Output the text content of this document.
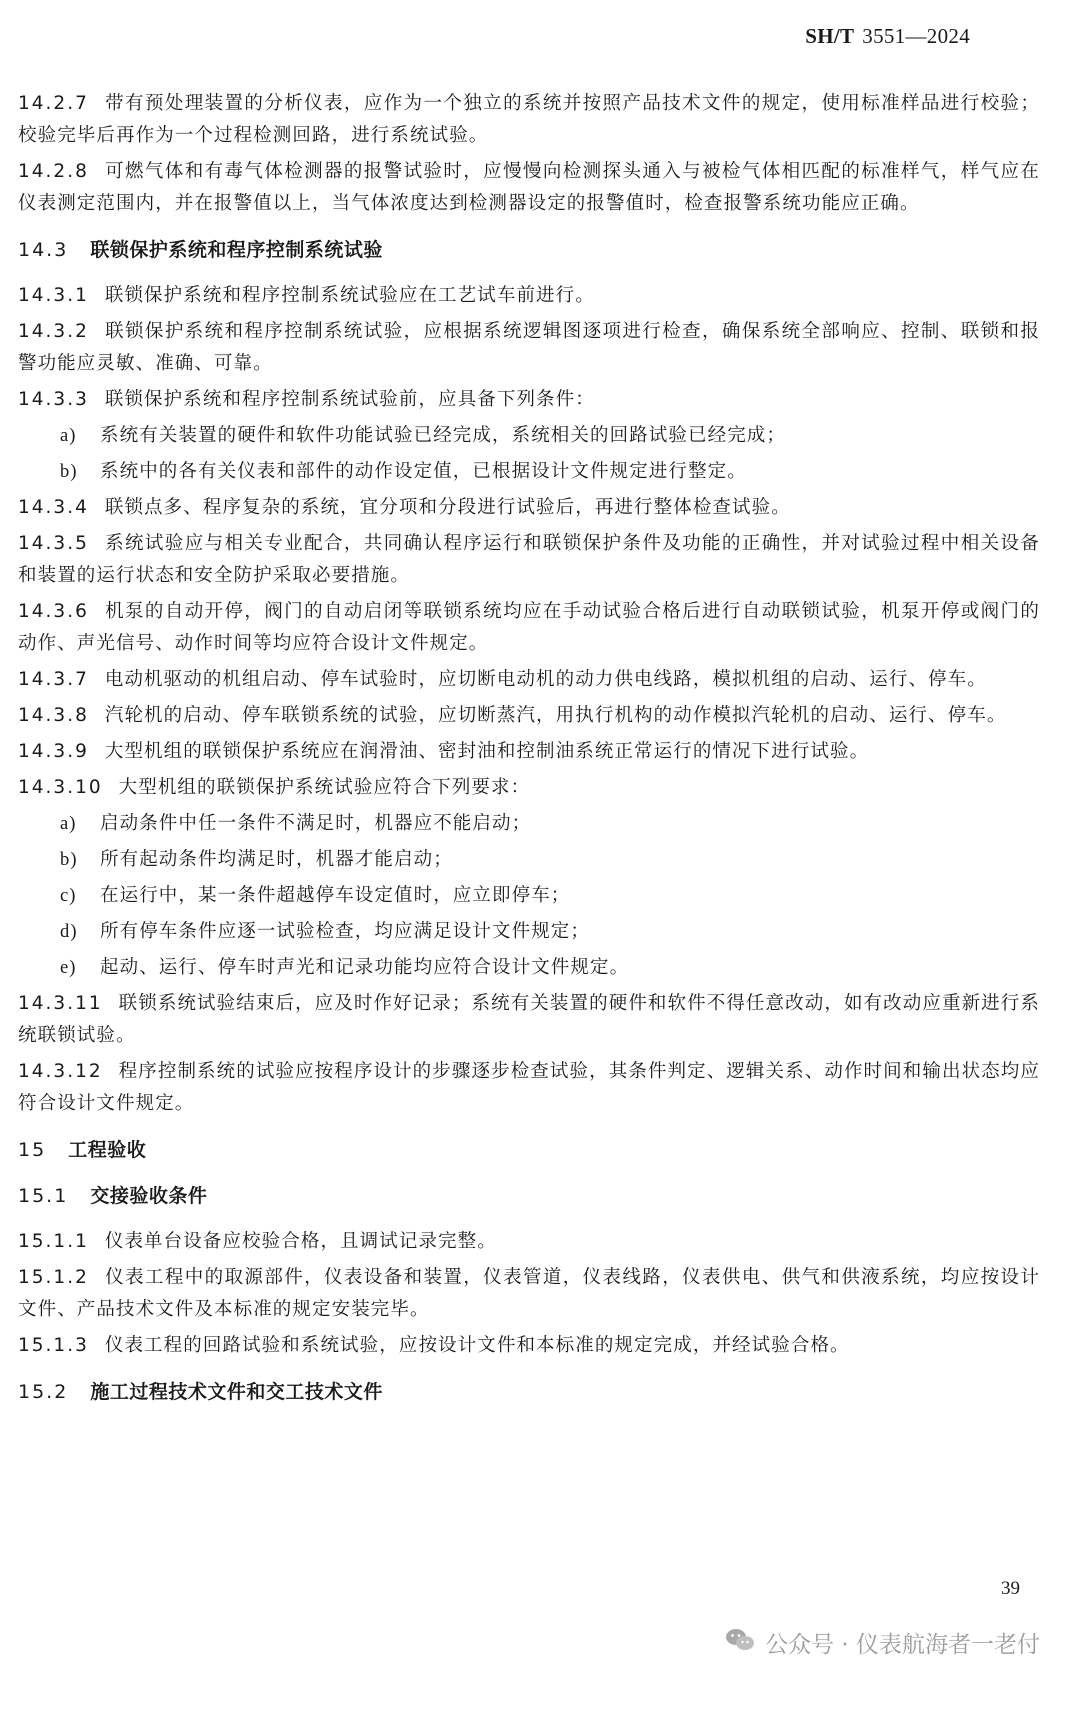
SH/T 3551—2024
14.2.7 带有预处理装置的分析仪表，应作为一个独立的系统并按照产品技术文件的规定，使用标准样品进行校验；校验完毕后再作为一个过程检测回路，进行系统试验。
14.2.8 可燃气体和有毒气体检测器的报警试验时，应慢慢向检测探头通入与被检气体相匹配的标准样气，样气应在仪表测定范围内，并在报警值以上，当气体浓度达到检测器设定的报警值时，检查报警系统功能应正确。
14.3 联锁保护系统和程序控制系统试验
14.3.1 联锁保护系统和程序控制系统试验应在工艺试车前进行。
14.3.2 联锁保护系统和程序控制系统试验，应根据系统逻辑图逐项进行检查，确保系统全部响应、控制、联锁和报警功能应灵敏、准确、可靠。
14.3.3 联锁保护系统和程序控制系统试验前，应具备下列条件：
a) 系统有关装置的硬件和软件功能试验已经完成，系统相关的回路试验已经完成；
b) 系统中的各有关仪表和部件的动作设定值，已根据设计文件规定进行整定。
14.3.4 联锁点多、程序复杂的系统，宜分项和分段进行试验后，再进行整体检查试验。
14.3.5 系统试验应与相关专业配合，共同确认程序运行和联锁保护条件及功能的正确性，并对试验过程中相关设备和装置的运行状态和安全防护采取必要措施。
14.3.6 机泵的自动开停，阀门的自动启闭等联锁系统均应在手动试验合格后进行自动联锁试验，机泵开停或阀门的动作、声光信号、动作时间等均应符合设计文件规定。
14.3.7 电动机驱动的机组启动、停车试验时，应切断电动机的动力供电线路，模拟机组的启动、运行、停车。
14.3.8 汽轮机的启动、停车联锁系统的试验，应切断蒸汽，用执行机构的动作模拟汽轮机的启动、运行、停车。
14.3.9 大型机组的联锁保护系统应在润滑油、密封油和控制油系统正常运行的情况下进行试验。
14.3.10 大型机组的联锁保护系统试验应符合下列要求：
a) 启动条件中任一条件不满足时，机器应不能启动；
b) 所有起动条件均满足时，机器才能启动；
c) 在运行中，某一条件超越停车设定值时，应立即停车；
d) 所有停车条件应逐一试验检查，均应满足设计文件规定；
e) 起动、运行、停车时声光和记录功能均应符合设计文件规定。
14.3.11 联锁系统试验结束后，应及时作好记录；系统有关装置的硬件和软件不得任意改动，如有改动应重新进行系统联锁试验。
14.3.12 程序控制系统的试验应按程序设计的步骤逐步检查试验，其条件判定、逻辑关系、动作时间和输出状态均应符合设计文件规定。
15 工程验收
15.1 交接验收条件
15.1.1 仪表单台设备应校验合格，且调试记录完整。
15.1.2 仪表工程中的取源部件，仪表设备和装置，仪表管道，仪表线路，仪表供电、供气和供液系统，均应按设计文件、产品技术文件及本标准的规定安装完毕。
15.1.3 仪表工程的回路试验和系统试验，应按设计文件和本标准的规定完成，并经试验合格。
15.2 施工过程技术文件和交工技术文件
39
公众号 · 仪表航海者一老付
